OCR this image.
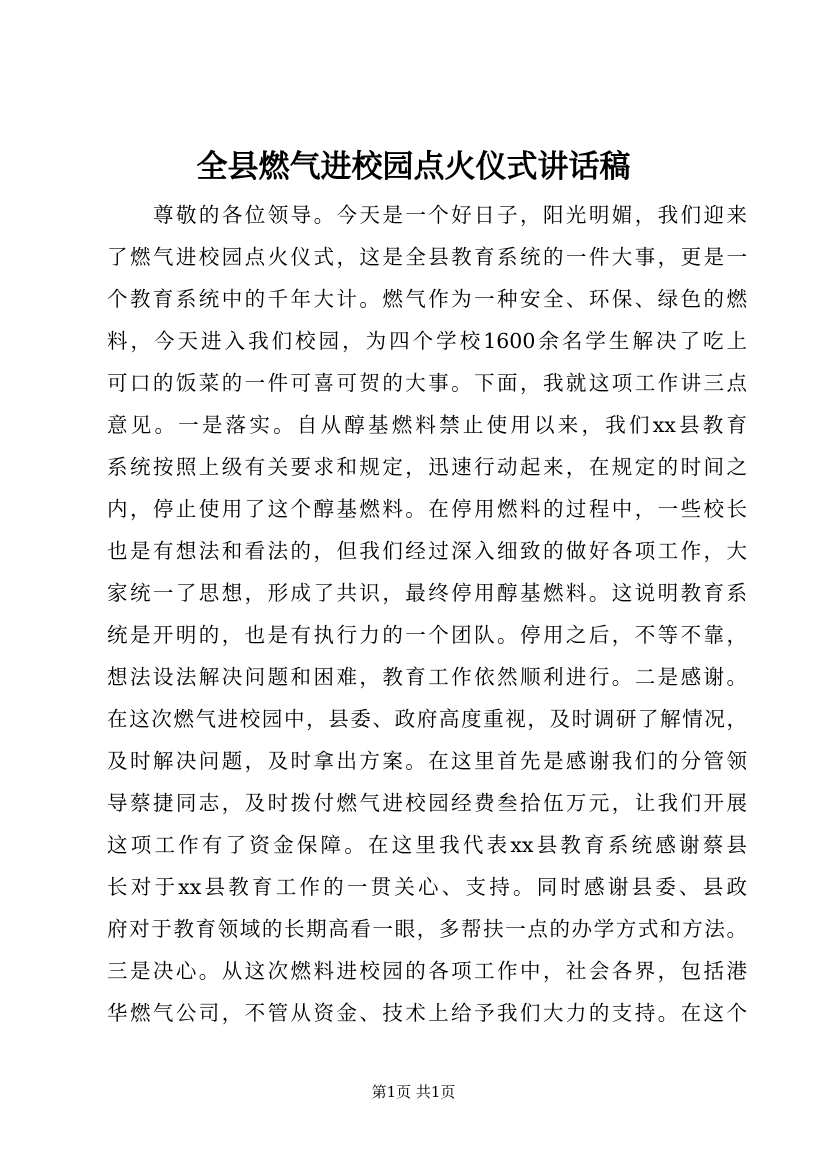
全县燃气进校园点火仪式讲话稿
尊敬的各位领导。今天是一个好日子，阳光明媚，我们迎来
了燃气进校园点火仪式，这是全县教育系统的一件大事，更是一
个教育系统中的千年大计。燃气作为一种安全、环保、绿色的燃
料，今天进入我们校园，为四个学校1600余名学生解决了吃上
可口的饭菜的一件可喜可贺的大事。下面，我就这项工作讲三点
意见。一是落实。自从醇基燃料禁止使用以来，我们xx县教育
系统按照上级有关要求和规定，迅速行动起来，在规定的时间之
内，停止使用了这个醇基燃料。在停用燃料的过程中，一些校长
也是有想法和看法的，但我们经过深入细致的做好各项工作，大
家统一了思想，形成了共识，最终停用醇基燃料。这说明教育系
统是开明的，也是有执行力的一个团队。停用之后，不等不靠，
想法设法解决问题和困难，教育工作依然顺利进行。二是感谢。
在这次燃气进校园中，县委、政府高度重视，及时调研了解情况，
及时解决问题，及时拿出方案。在这里首先是感谢我们的分管领
导蔡捷同志，及时拨付燃气进校园经费叁拾伍万元，让我们开展
这项工作有了资金保障。在这里我代表xx县教育系统感谢蔡县
长对于xx县教育工作的一贯关心、支持。同时感谢县委、县政
府对于教育领域的长期高看一眼，多帮扶一点的办学方式和方法。
三是决心。从这次燃料进校园的各项工作中，社会各界，包括港
华燃气公司，不管从资金、技术上给予我们大力的支持。在这个
第1页 共1页
